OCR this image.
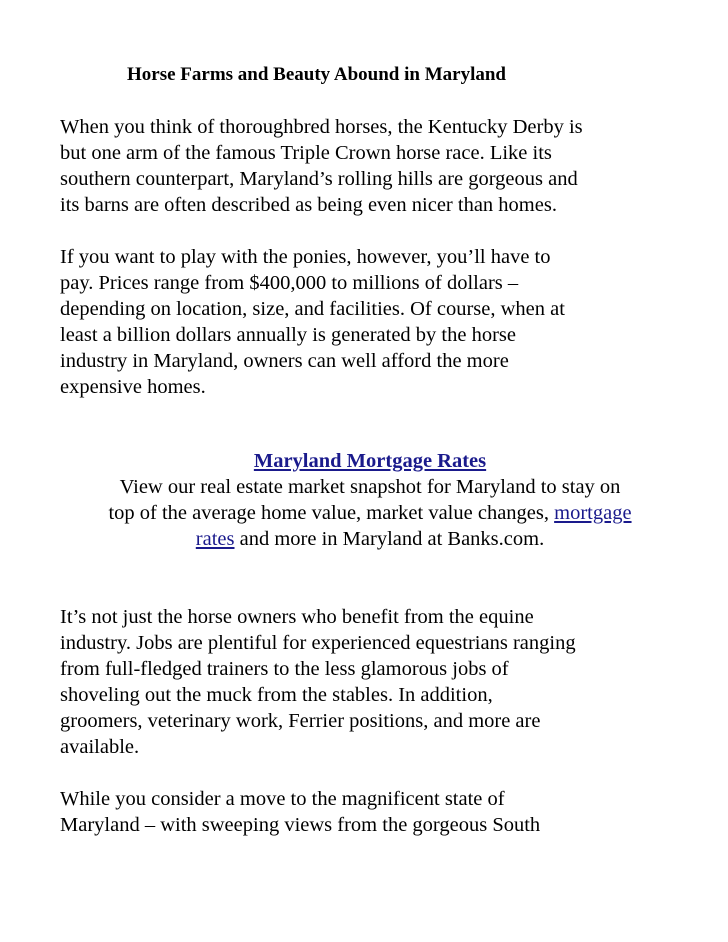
Horse Farms and Beauty Abound in Maryland

When you think of thoroughbred horses, the Kentucky Derby is
but one arm of the famous Triple Crown horse race. Like its
southern counterpart, Maryland’s rolling hills are gorgeous and
its barns are often described as being even nicer than homes.

If you want to play with the ponies, however, you’ll have to
pay. Prices range from $400,000 to millions of dollars –
depending on location, size, and facilities. Of course, when at
least a billion dollars annually is generated by the horse
industry in Maryland, owners can well afford the more
expensive homes.

Maryland Mortgage Rates
View our real estate market snapshot for Maryland to stay on
top of the average home value, market value changes, mortgage
rates and more in Maryland at Banks.com.

It’s not just the horse owners who benefit from the equine
industry. Jobs are plentiful for experienced equestrians ranging
from full-fledged trainers to the less glamorous jobs of
shoveling out the muck from the stables. In addition,
groomers, veterinary work, Ferrier positions, and more are
available.

While you consider a move to the magnificent state of
Maryland – with sweeping views from the gorgeous South
